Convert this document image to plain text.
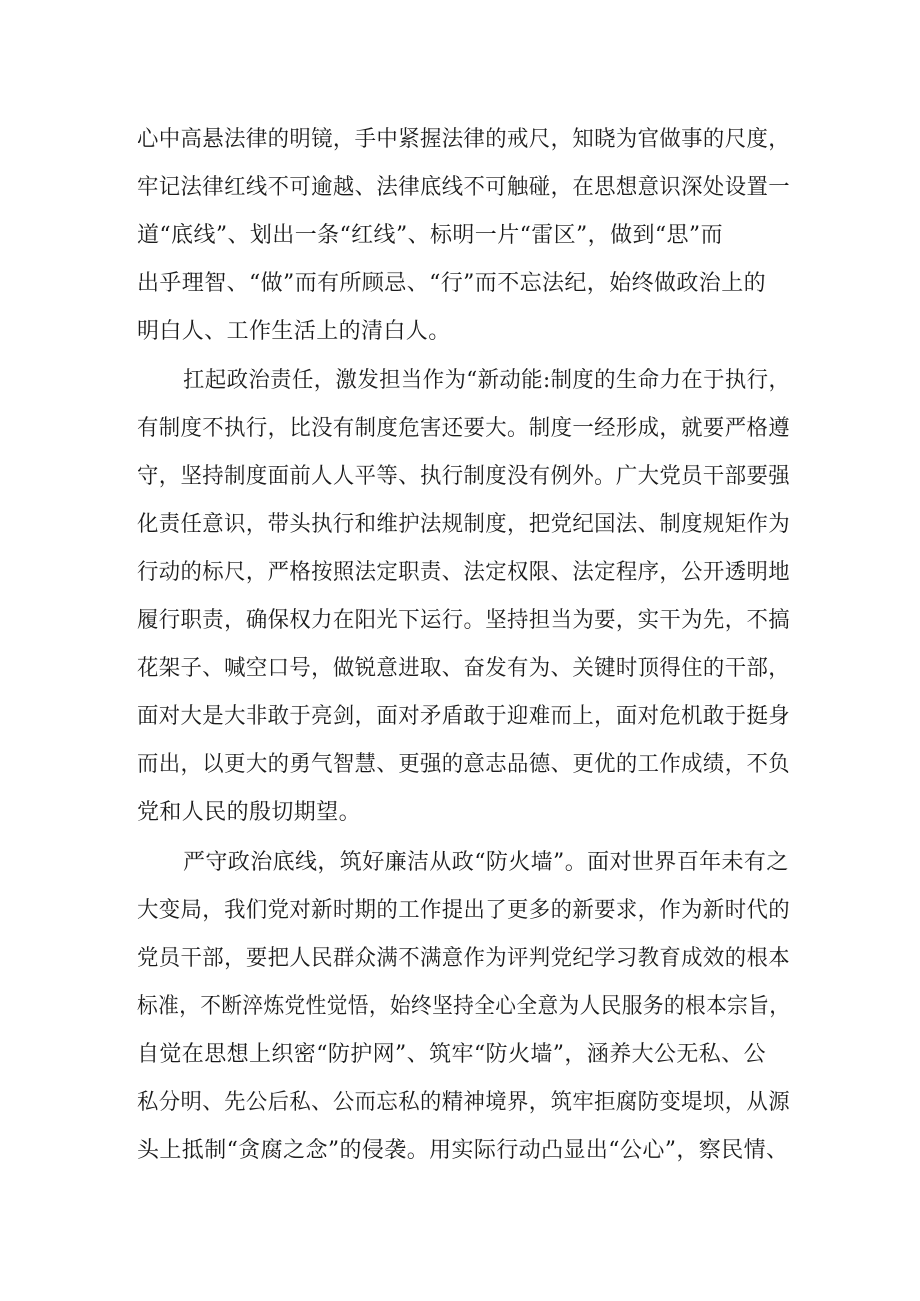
心中高悬法律的明镜，手中紧握法律的戒尺，知晓为官做事的尺度，
牢记法律红线不可逾越、法律底线不可触碰，在思想意识深处设置一
道“底线”、划出一条“红线”、标明一片“雷区”，做到“思”而
出乎理智、“做”而有所顾忌、“行”而不忘法纪，始终做政治上的
明白人、工作生活上的清白人。
扛起政治责任，激发担当作为“新动能:制度的生命力在于执行，
有制度不执行，比没有制度危害还要大。制度一经形成，就要严格遵
守，坚持制度面前人人平等、执行制度没有例外。广大党员干部要强
化责任意识，带头执行和维护法规制度，把党纪国法、制度规矩作为
行动的标尺，严格按照法定职责、法定权限、法定程序，公开透明地
履行职责，确保权力在阳光下运行。坚持担当为要，实干为先，不搞
花架子、喊空口号，做锐意进取、奋发有为、关键时顶得住的干部，
面对大是大非敢于亮剑，面对矛盾敢于迎难而上，面对危机敢于挺身
而出，以更大的勇气智慧、更强的意志品德、更优的工作成绩，不负
党和人民的殷切期望。
严守政治底线，筑好廉洁从政“防火墙”。面对世界百年未有之
大变局，我们党对新时期的工作提出了更多的新要求，作为新时代的
党员干部，要把人民群众满不满意作为评判党纪学习教育成效的根本
标准，不断淬炼党性觉悟，始终坚持全心全意为人民服务的根本宗旨，
自觉在思想上织密“防护网”、筑牢“防火墙”，涵养大公无私、公
私分明、先公后私、公而忘私的精神境界，筑牢拒腐防变堤坝，从源
头上抵制“贪腐之念”的侵袭。用实际行动凸显出“公心”，察民情、
